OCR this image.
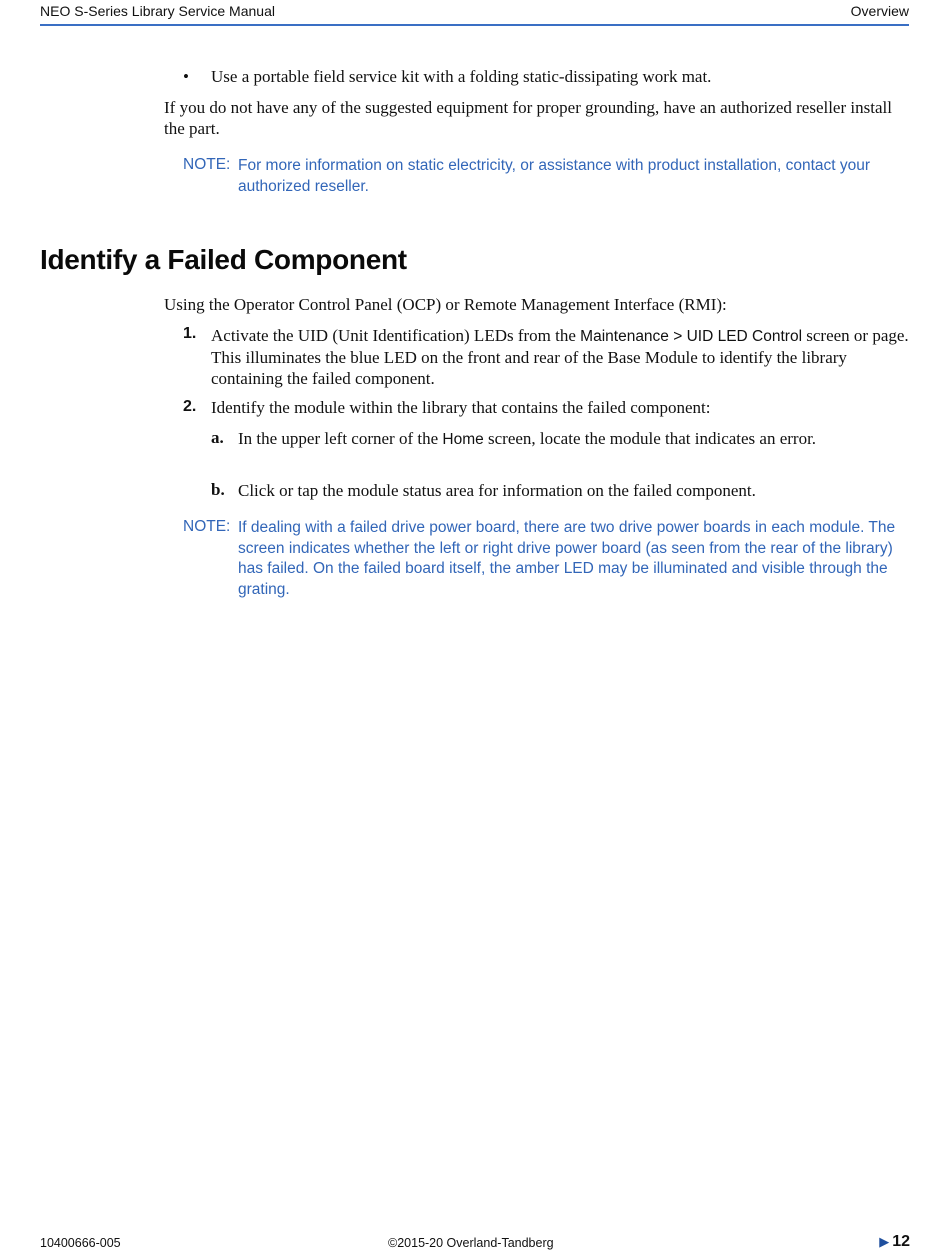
NEO S-Series Library Service Manual	Overview
• Use a portable field service kit with a folding static-dissipating work mat.
If you do not have any of the suggested equipment for proper grounding, have an authorized reseller install the part.
NOTE: For more information on static electricity, or assistance with product installation, contact your authorized reseller.
Identify a Failed Component
Using the Operator Control Panel (OCP) or Remote Management Interface (RMI):
1. Activate the UID (Unit Identification) LEDs from the Maintenance > UID LED Control screen or page. This illuminates the blue LED on the front and rear of the Base Module to identify the library containing the failed component.
2. Identify the module within the library that contains the failed component:
a. In the upper left corner of the Home screen, locate the module that indicates an error.
b. Click or tap the module status area for information on the failed component.
NOTE: If dealing with a failed drive power board, there are two drive power boards in each module. The screen indicates whether the left or right drive power board (as seen from the rear of the library) has failed. On the failed board itself, the amber LED may be illuminated and visible through the grating.
10400666-005	©2015-20 Overland-Tandberg	▶ 12
